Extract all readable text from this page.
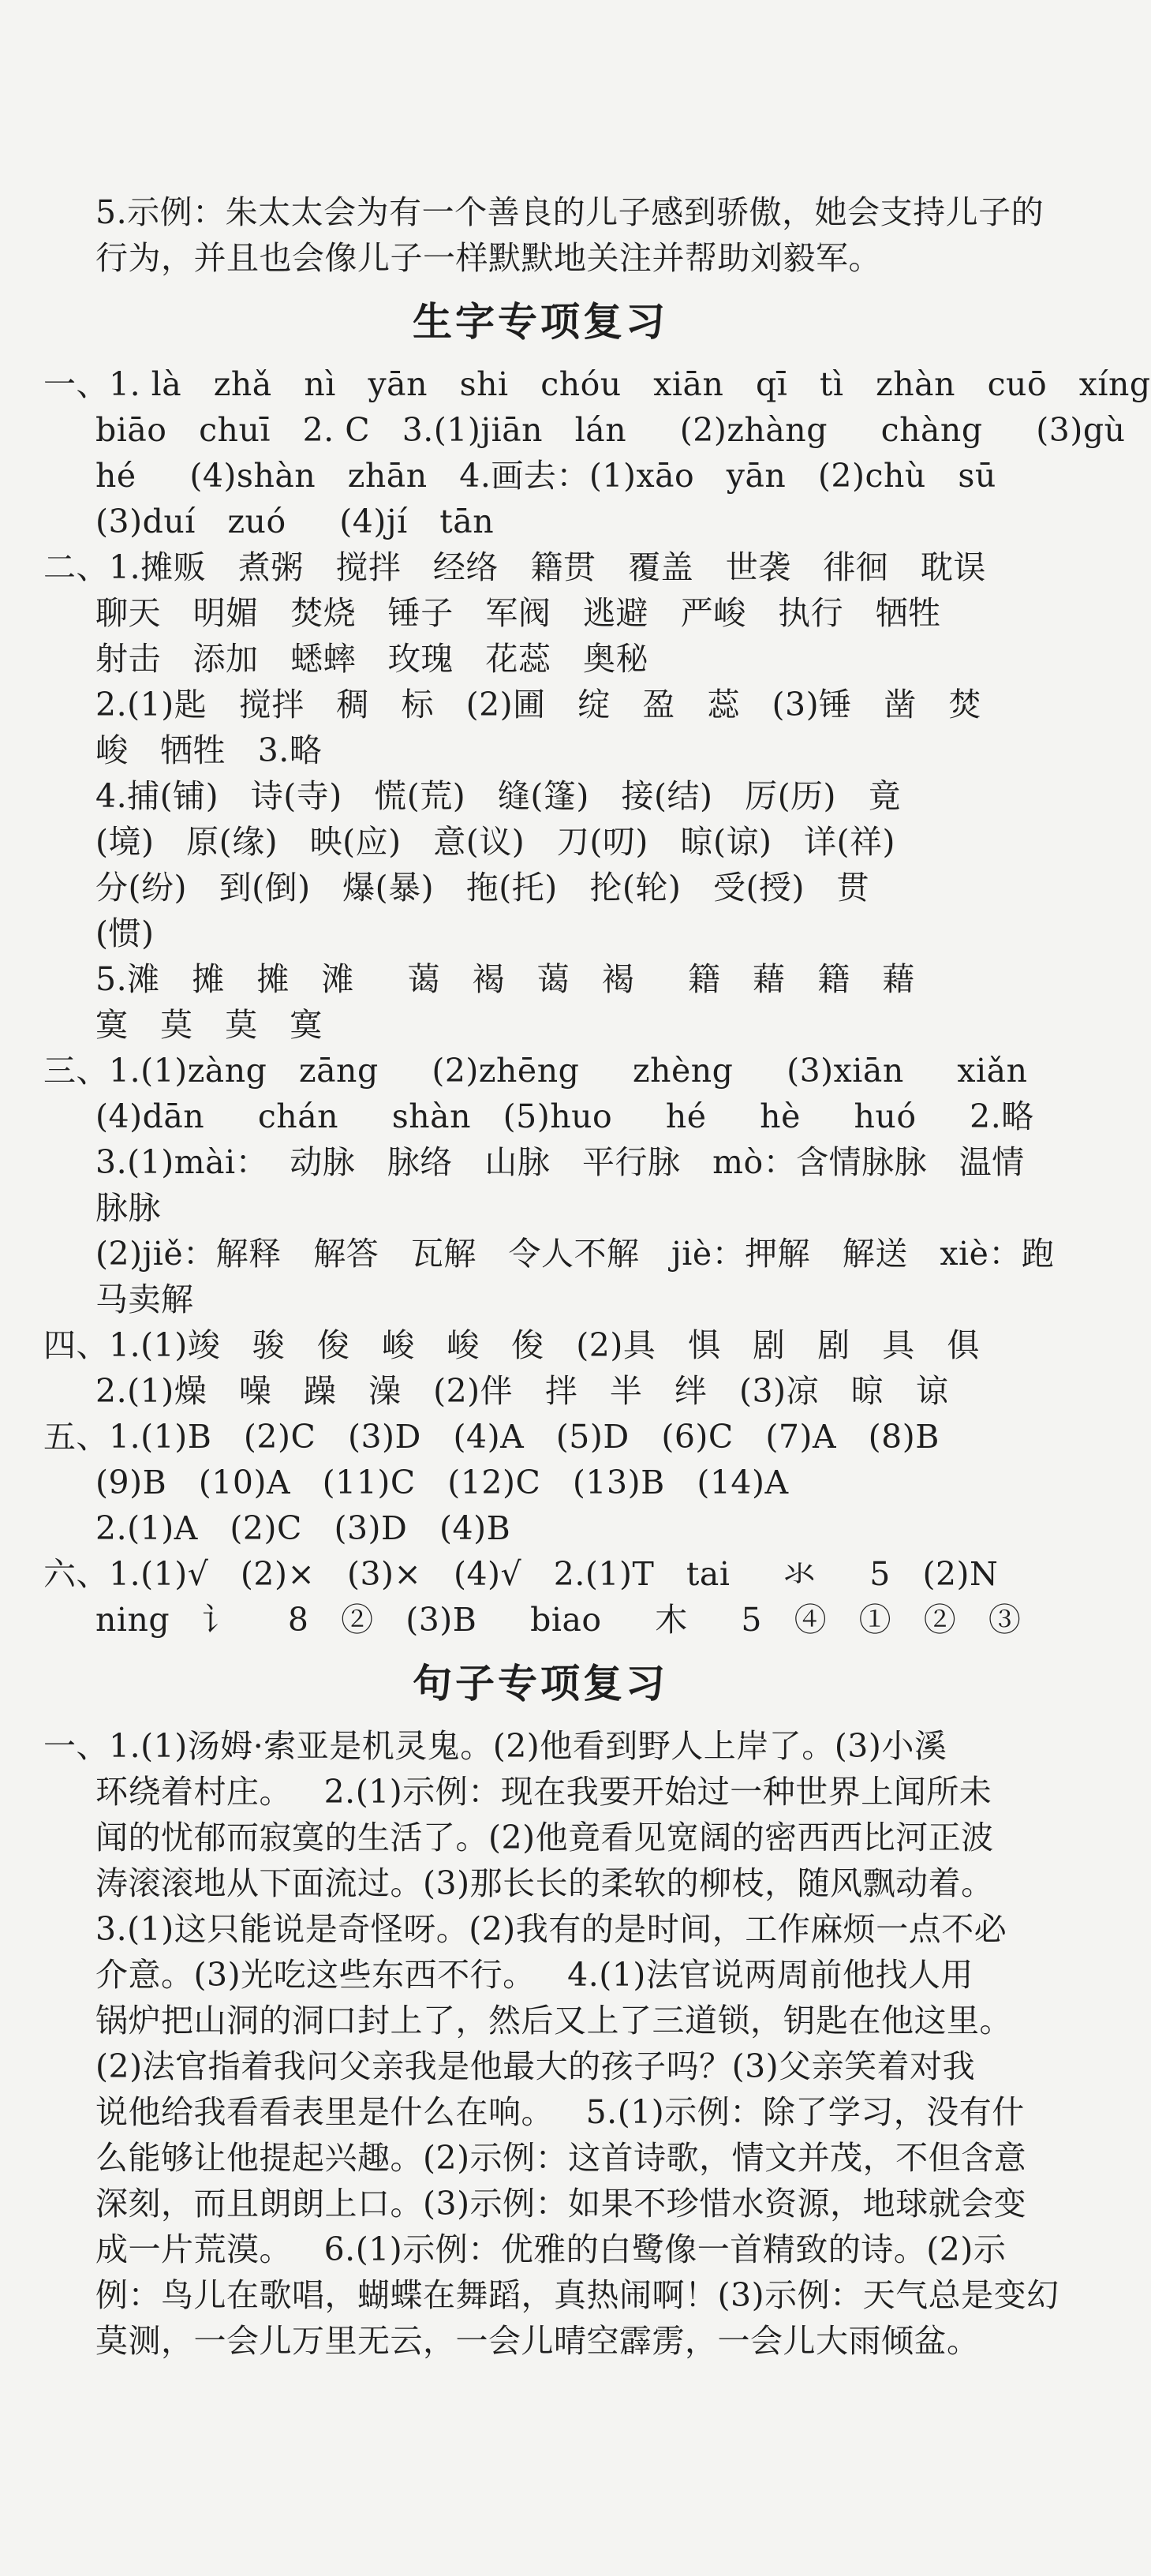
5.示例：朱太太会为有一个善良的儿子感到骄傲，她会支持儿子的
行为，并且也会像儿子一样默默地关注并帮助刘毅军。
生字专项复习
一、1. là   zhǎ   nì   yān   shi   chóu   xiān   qī   tì   zhàn   cuō   xíng
biāo   chuī   2. C   3.(1)jiān   lán     (2)zhàng     chàng     (3)gù
hé     (4)shàn   zhān   4.画去：(1)xāo   yān   (2)chù   sū
(3)duí   zuó     (4)jí   tān
二、1.摊贩   煮粥   搅拌   经络   籍贯   覆盖   世袭   徘徊   耽误
聊天   明媚   焚烧   锤子   军阀   逃避   严峻   执行   牺牲
射击   添加   蟋蟀   玫瑰   花蕊   奥秘
2.(1)匙   搅拌   稠   标   (2)圃   绽   盈   蕊   (3)锤   凿   焚
峻   牺牲   3.略
4.捕(铺)   诗(寺)   慌(荒)   缝(篷)   接(结)   厉(历)   竟
(境)   原(缘)   映(应)   意(议)   刀(叨)   晾(谅)   详(祥)
分(纷)   到(倒)   爆(暴)   拖(托)   抡(轮)   受(授)   贯
(惯)
5.滩   摊   摊   滩     蔼   褐   蔼   褐     籍   藉   籍   藉
寞   莫   莫   寞
三、1.(1)zàng   zāng     (2)zhēng     zhèng     (3)xiān     xiǎn
(4)dān     chán     shàn   (5)huo     hé     hè     huó     2.略
3.(1)mài：  动脉   脉络   山脉   平行脉   mò：含情脉脉   温情
脉脉
(2)jiě：解释   解答   瓦解   令人不解   jiè：押解   解送   xiè：跑
马卖解
四、1.(1)竣   骏   俊   峻   峻   俊   (2)具   惧   剧   剧   具   俱
2.(1)燥   噪   躁   澡   (2)伴   拌   半   绊   (3)凉   晾   谅
五、1.(1)B   (2)C   (3)D   (4)A   (5)D   (6)C   (7)A   (8)B
(9)B   (10)A   (11)C   (12)C   (13)B   (14)A
2.(1)A   (2)C   (3)D   (4)B
六、1.(1)√   (2)×   (3)×   (4)√   2.(1)T   tai     氺     5   (2)N
ning   讠     8   ②   (3)B     biao     木     5   ④   ①   ②   ③
句子专项复习
一、1.(1)汤姆·索亚是机灵鬼。(2)他看到野人上岸了。(3)小溪
环绕着村庄。   2.(1)示例：现在我要开始过一种世界上闻所未
闻的忧郁而寂寞的生活了。(2)他竟看见宽阔的密西西比河正波
涛滚滚地从下面流过。(3)那长长的柔软的柳枝，随风飘动着。
3.(1)这只能说是奇怪呀。(2)我有的是时间，工作麻烦一点不必
介意。(3)光吃这些东西不行。   4.(1)法官说两周前他找人用
锅炉把山洞的洞口封上了，然后又上了三道锁，钥匙在他这里。
(2)法官指着我问父亲我是他最大的孩子吗？(3)父亲笑着对我
说他给我看看表里是什么在响。   5.(1)示例：除了学习，没有什
么能够让他提起兴趣。(2)示例：这首诗歌，情文并茂，不但含意
深刻，而且朗朗上口。(3)示例：如果不珍惜水资源，地球就会变
成一片荒漠。   6.(1)示例：优雅的白鹭像一首精致的诗。(2)示
例：鸟儿在歌唱，蝴蝶在舞蹈，真热闹啊！(3)示例：天气总是变幻
莫测，一会儿万里无云，一会儿晴空霹雳，一会儿大雨倾盆。
